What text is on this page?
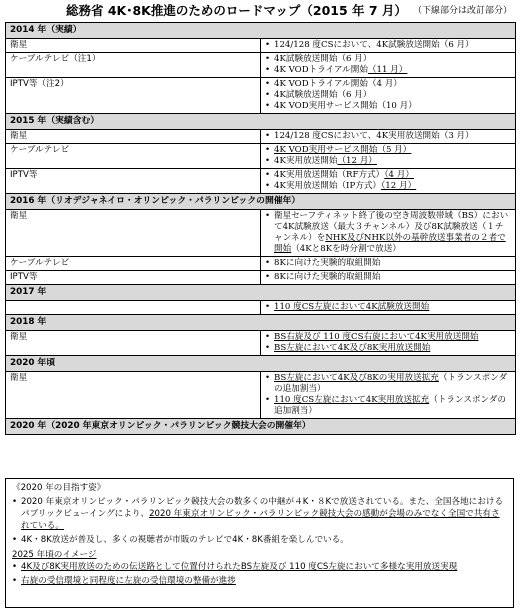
総務省 4K･8K推進のためのロードマップ（2015 年 7 月） （下線部分は改訂部分）
2014 年（実績）	
衛星	• 124/128 度CSにおいて、4K試験放送開始（6 月）

ケーブルテレビ（注1）	• 4K試験放送開始（6 月）
• 4K VODトライアル開始（11 月）

IPTV等（注2）	• 4K VODトライアル開始（4 月）
• 4K試験放送開始（6 月）
• 4K VOD実用サービス開始（10 月）

2015 年（実績含む）	
衛星	• 124/128 度CSにおいて、4K実用放送開始（3 月）

ケーブルテレビ	• 4K VOD実用サービス開始（5 月）
• 4K実用放送開始（12 月）

IPTV等	• 4K実用放送開始（RF方式）（4 月）
• 4K実用放送開始（IP方式）（12 月）

2016 年（リオデジャネイロ・オリンピック・パラリンピックの開催年）	
衛星	• 衛星セーフティネット終了後の空き周波数帯域（BS）において4K試験放送（最大３チャンネル）及び8K試験放送（１チャンネル）をNHK及びNHK以外の基幹放送事業者の２者で開始（4Kと8Kを時分割で放送）

ケーブルテレビ	• 8Kに向けた実験的取組開始

IPTV等	• 8Kに向けた実験的取組開始

2017 年	

	• 110 度CS左旋において4K試験放送開始

2018 年	
衛星	• BS右旋及び 110 度CS右旋において4K実用放送開始
• BS左旋において4K及び8K実用放送開始

2020 年頃	
衛星	• BS左旋において4K及び8Kの実用放送拡充（トランスポンダの追加割当）
• 110 度CS左旋において4K実用放送拡充（トランスポンダの追加割当）

2020 年（2020 年東京オリンピック・パラリンピック競技大会の開催年）	
《2020 年の目指す姿》
• 2020 年東京オリンピック・パラリンピック競技大会の数多くの中継が４K・８Kで放送されている。また、全国各地におけるパブリックビューイングにより、2020 年東京オリンピック・パラリンピック競技大会の感動が会場のみでなく全国で共有されている。
• 4K・8K放送が普及し、多くの視聴者が市販のテレビで4K・8K番組を楽しんでいる。
2025 年頃のイメージ
• 4K及び8K実用放送のための伝送路として位置付けられたBS左旋及び 110 度CS左旋において多様な実用放送実現
• 右旋の受信環境と同程度に左旋の受信環境の整備が進捗
